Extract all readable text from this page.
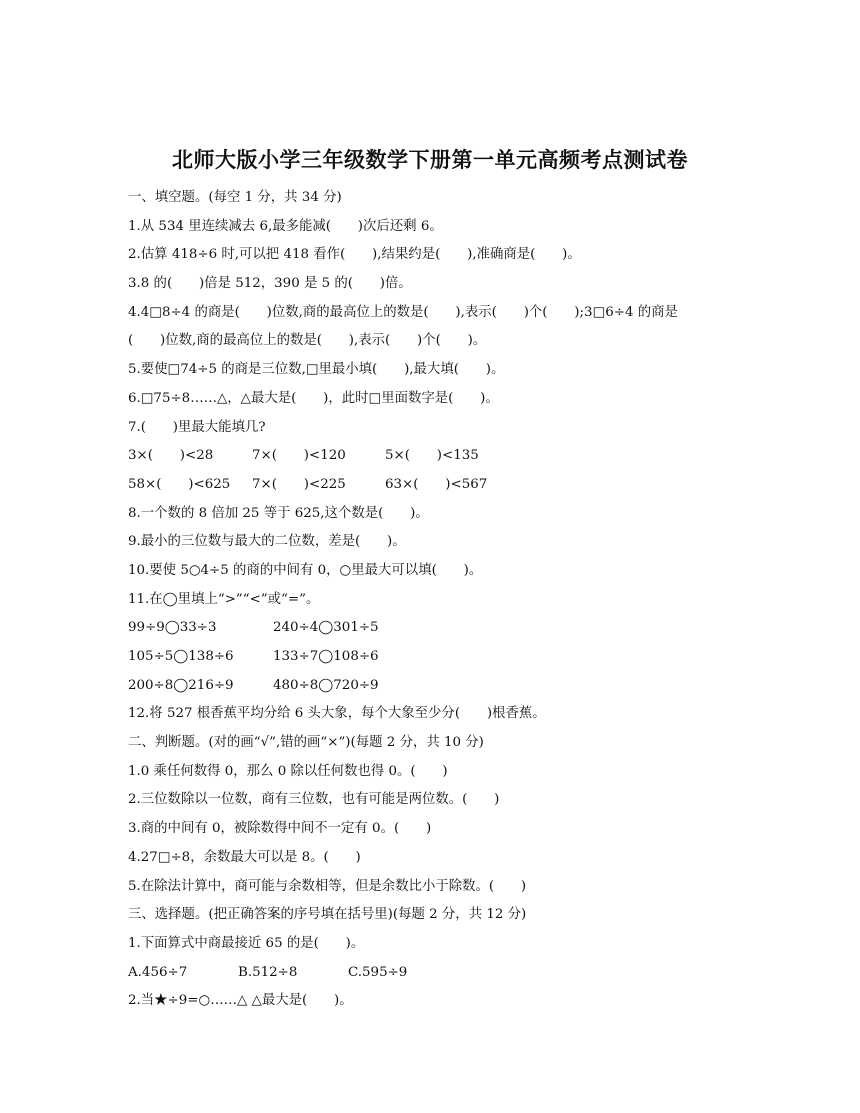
北师大版小学三年级数学下册第一单元高频考点测试卷
一、填空题。(每空 1 分，共 34 分)
1.从 534 里连续减去 6,最多能减(　　)次后还剩 6。
2.估算 418÷6 时,可以把 418 看作(　　),结果约是(　　),准确商是(　　)。
3.8 的(　　)倍是 512，390 是 5 的(　　)倍。
4.4□8÷4 的商是(　　)位数,商的最高位上的数是(　　),表示(　　)个(　　);3□6÷4 的商是
(　　)位数,商的最高位上的数是(　　),表示(　　)个(　　)。
5.要使□74÷5 的商是三位数,□里最小填(　　),最大填(　　)。
6.□75÷8……△，△最大是(　　)，此时□里面数字是(　　)。
7.(　　)里最大能填几?
3×(　　)<28	7×(　　)<120	5×(　　)<135
58×(　　)<625	7×(　　)<225	63×(　　)<567
8.一个数的 8 倍加 25 等于 625,这个数是(　　)。
9.最小的三位数与最大的二位数，差是(　　)。
10.要使 5○4÷5 的商的中间有 0，○里最大可以填(　　)。
11.在◯里填上“>”“<”或“=”。
99÷9◯33÷3	240÷4◯301÷5
105÷5◯138÷6	133÷7◯108÷6
200÷8◯216÷9	480÷8◯720÷9
12.将 527 根香蕉平均分给 6 头大象，每个大象至少分(　　)根香蕉。
二、判断题。(对的画“√”,错的画“×”)(每题 2 分，共 10 分)
1.0 乘任何数得 0，那么 0 除以任何数也得 0。(　　)
2.三位数除以一位数，商有三位数，也有可能是两位数。(　　)
3.商的中间有 0，被除数得中间不一定有 0。(　　)
4.27□÷8，余数最大可以是 8。(　　)
5.在除法计算中，商可能与余数相等，但是余数比小于除数。(　　)
三、选择题。(把正确答案的序号填在括号里)(每题 2 分，共 12 分)
1.下面算式中商最接近 65 的是(　　)。
A.456÷7	B.512÷8	C.595÷9
2.当★÷9=○……△ △最大是(　　)。
